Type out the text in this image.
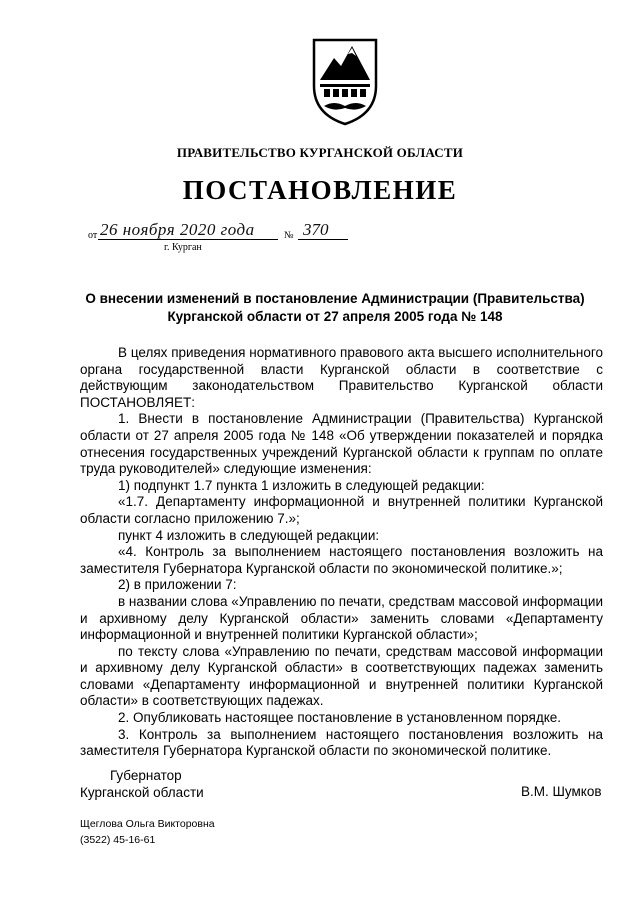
ПРАВИТЕЛЬСТВО КУРГАНСКОЙ ОБЛАСТИ
ПОСТАНОВЛЕНИЕ
от 26 ноября 2020 года	№ 370
г. Курган
О внесении изменений в постановление Администрации (Правительства)
Курганской области от 27 апреля 2005 года № 148

В целях приведения нормативного правового акта высшего исполнительного органа государственной власти Курганской области в соответствие с действующим законодательством Правительство Курганской области ПОСТАНОВЛЯЕТ:

1. Внести в постановление Администрации (Правительства) Курганской области от 27 апреля 2005 года № 148 «Об утверждении показателей и порядка отнесения государственных учреждений Курганской области к группам по оплате труда руководителей» следующие изменения:

1) подпункт 1.7 пункта 1 изложить в следующей редакции:

«1.7. Департаменту информационной и внутренней политики Курганской области согласно приложению 7.»;

пункт 4 изложить в следующей редакции:

«4. Контроль за выполнением настоящего постановления возложить на заместителя Губернатора Курганской области по экономической политике.»;

2) в приложении 7:

в названии слова «Управлению по печати, средствам массовой информации и архивному делу Курганской области» заменить словами «Департаменту информационной и внутренней политики Курганской области»;

по тексту слова «Управлению по печати, средствам массовой информации и архивному делу Курганской области» в соответствующих падежах заменить словами «Департаменту информационной и внутренней политики Курганской области» в соответствующих падежах.

2. Опубликовать настоящее постановление в установленном порядке.

3. Контроль за выполнением настоящего постановления возложить на заместителя Губернатора Курганской области по экономической политике.

Губернатор
Курганской области	В.М. Шумков
Щеглова Ольга Викторовна
(3522) 45-16-61
